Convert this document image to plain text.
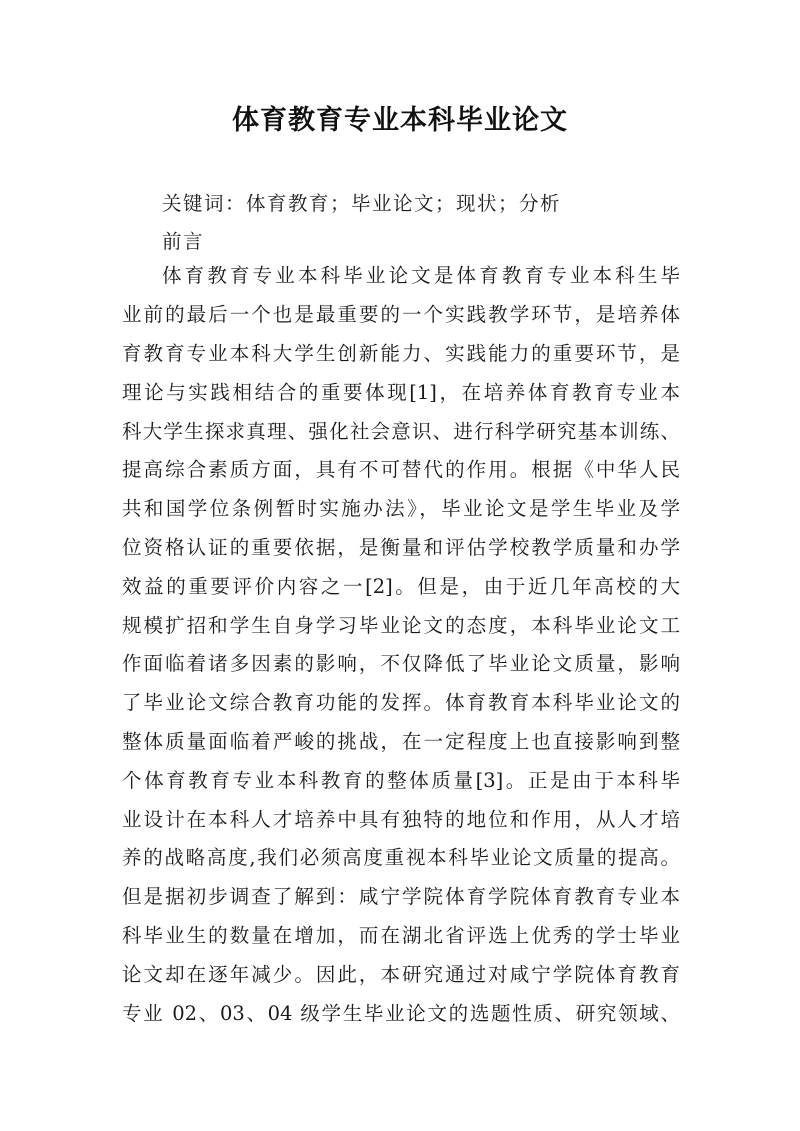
体育教育专业本科毕业论文
关键词：体育教育；毕业论文；现状；分析
前言
体育教育专业本科毕业论文是体育教育专业本科生毕
业前的最后一个也是最重要的一个实践教学环节，是培养体
育教育专业本科大学生创新能力、实践能力的重要环节，是
理论与实践相结合的重要体现[1]，在培养体育教育专业本
科大学生探求真理、强化社会意识、进行科学研究基本训练、
提高综合素质方面，具有不可替代的作用。根据《中华人民
共和国学位条例暂时实施办法》，毕业论文是学生毕业及学
位资格认证的重要依据，是衡量和评估学校教学质量和办学
效益的重要评价内容之一[2]。但是，由于近几年高校的大
规模扩招和学生自身学习毕业论文的态度，本科毕业论文工
作面临着诸多因素的影响，不仅降低了毕业论文质量，影响
了毕业论文综合教育功能的发挥。体育教育本科毕业论文的
整体质量面临着严峻的挑战，在一定程度上也直接影响到整
个体育教育专业本科教育的整体质量[3]。正是由于本科毕
业设计在本科人才培养中具有独特的地位和作用，从人才培
养的战略高度,我们必须高度重视本科毕业论文质量的提高。
但是据初步调查了解到：咸宁学院体育学院体育教育专业本
科毕业生的数量在增加，而在湖北省评选上优秀的学士毕业
论文却在逐年减少。因此，本研究通过对咸宁学院体育教育
专业 02、03、04 级学生毕业论文的选题性质、研究领域、
